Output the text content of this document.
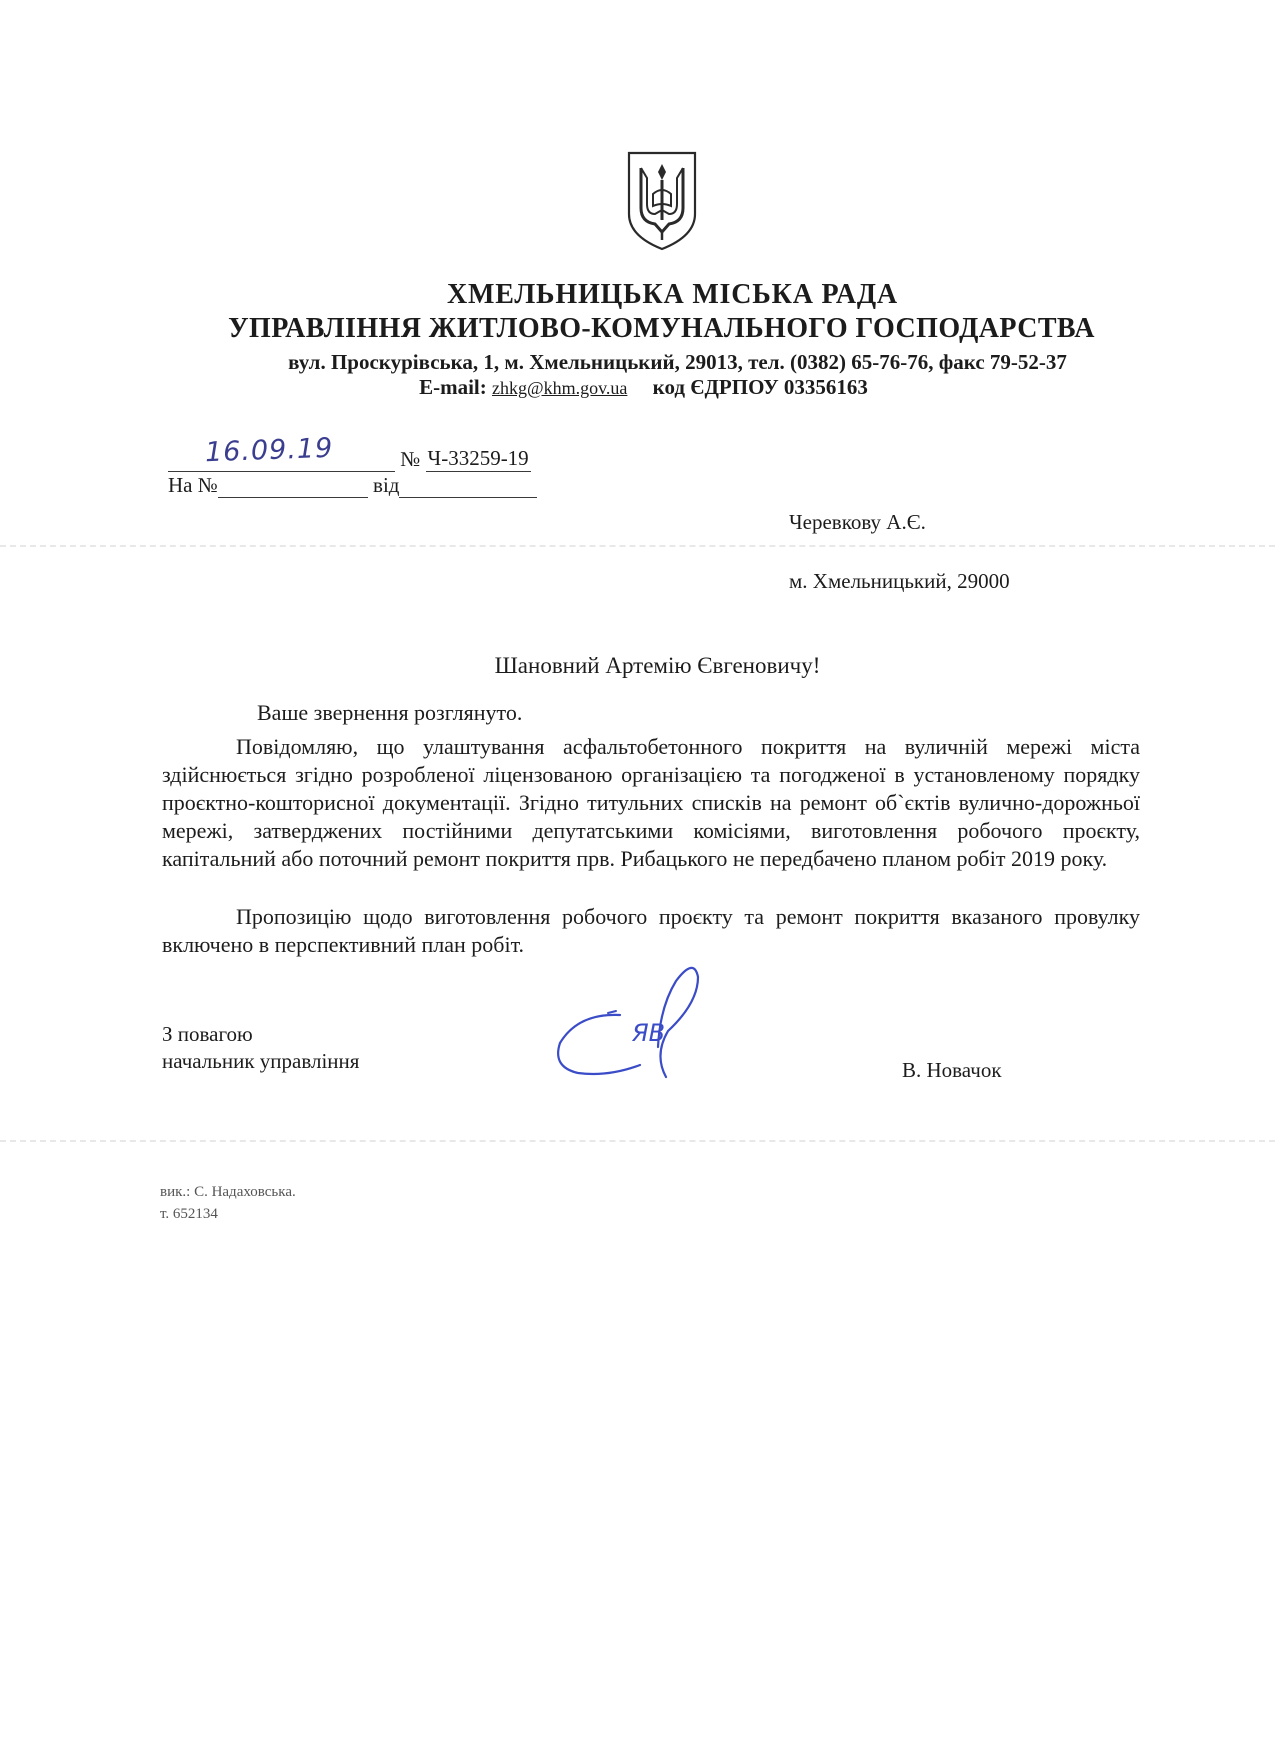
ХМЕЛЬНИЦЬКА МІСЬКА РАДА
УПРАВЛІННЯ ЖИТЛОВО-КОМУНАЛЬНОГО ГОСПОДАРСТВА
вул. Проскурівська, 1, м. Хмельницький, 29013, тел. (0382) 65-76-76, факс 79-52-37
E-mail: zhkg@khm.gov.ua код ЄДРПОУ 03356163
16.09.19	№ Ч-33259-19
На №	від
Черевкову А.Є.
м. Хмельницький, 29000
Шановний Артемію Євгеновичу!
Ваше звернення розглянуто.
Повідомляю, що улаштування асфальтобетонного покриття на вуличній мережі міста здійснюється згідно розробленої ліцензованою організацією та погодженої в установленому порядку проєктно-кошторисної документації. Згідно титульних списків на ремонт об`єктів вулично-дорожньої мережі, затверджених постійними депутатськими комісіями, виготовлення робочого проєкту, капітальний або поточний ремонт покриття прв. Рибацького не передбачено планом робіт 2019 року.
Пропозицію щодо виготовлення робочого проєкту та ремонт покриття вказаного провулку включено в перспективний план робіт.
З повагою
начальник управління	В. Новачок
ЯВ
вик.: С. Надаховська.
т. 652134
